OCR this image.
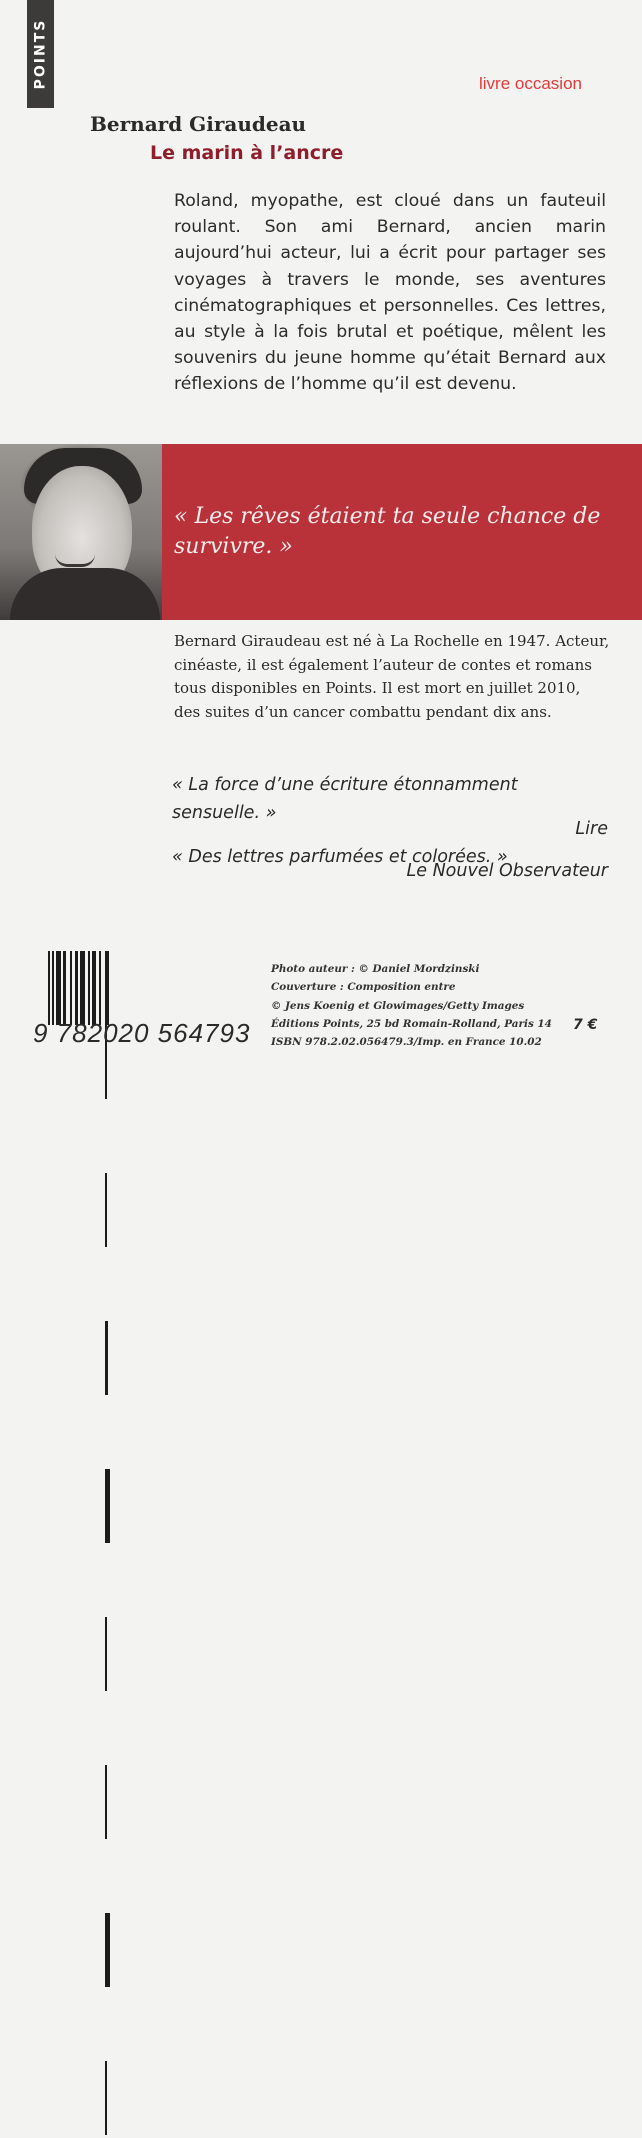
POINTS	livre occasion
Bernard Giraudeau
Le marin à l’ancre
Roland, myopathe, est cloué dans un fauteuil roulant. Son ami Bernard, ancien marin aujourd’hui acteur, lui a écrit pour partager ses voyages à travers le monde, ses aventures cinématographiques et personnelles. Ces lettres, au style à la fois brutal et poétique, mêlent les souvenirs du jeune homme qu’était Bernard aux réflexions de l’homme qu’il est devenu.
« Les rêves étaient ta seule chance de survivre. »
Bernard Giraudeau est né à La Rochelle en 1947. Acteur,
cinéaste, il est également l’auteur de contes et romans
tous disponibles en Points. Il est mort en juillet 2010,
des suites d’un cancer combattu pendant dix ans.
« La force d’une écriture étonnamment
sensuelle. »
Lire
« Des lettres parfumées et colorées. »
Le Nouvel Observateur
9 782020 564793
Photo auteur : © Daniel Mordzinski
Couverture : Composition entre
© Jens Koenig et Glowimages/Getty Images
Éditions Points, 25 bd Romain-Rolland, Paris 14
ISBN 978.2.02.056479.3/Imp. en France 10.02
7 €
